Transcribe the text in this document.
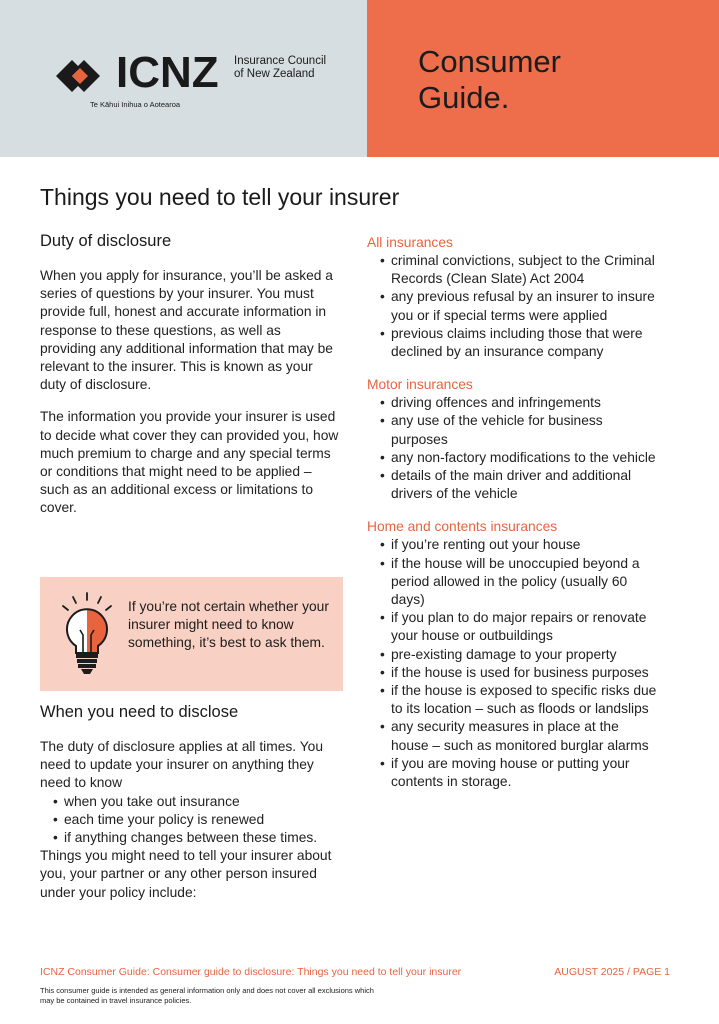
ICNZ Insurance Council of New Zealand
Te Kāhui Inihua o Aotearoa
Consumer
Guide.
Things you need to tell your insurer
Duty of disclosure

When you apply for insurance, you’ll be asked a series of questions by your insurer. You must provide full, honest and accurate information in response to these questions, as well as providing any additional information that may be relevant to the insurer. This is known as your duty of disclosure.

The information you provide your insurer is used to decide what cover they can provided you, how much premium to charge and any special terms or conditions that might need to be applied – such as an additional excess or limitations to cover.

If you’re not certain whether your insurer might need to know something, it’s best to ask them.
When you need to disclose

The duty of disclosure applies at all times. You need to update your insurer on anything they need to know

• when you take out insurance
• each time your policy is renewed
• if anything changes between these times.

Things you might need to tell your insurer about you, your partner or any other person insured under your policy include:

All insurances
• criminal convictions, subject to the Criminal Records (Clean Slate) Act 2004
• any previous refusal by an insurer to insure you or if special terms were applied
• previous claims including those that were declined by an insurance company
Motor insurances
• driving offences and infringements
• any use of the vehicle for business purposes
• any non-factory modifications to the vehicle
• details of the main driver and additional drivers of the vehicle
Home and contents insurances
• if you’re renting out your house
• if the house will be unoccupied beyond a period allowed in the policy (usually 60 days)
• if you plan to do major repairs or renovate your house or outbuildings
• pre-existing damage to your property
• if the house is used for business purposes
• if the house is exposed to specific risks due to its location – such as floods or landslips
• any security measures in place at the house – such as monitored burglar alarms
• if you are moving house or putting your contents in storage.
ICNZ Consumer Guide: Consumer guide to disclosure: Things you need to tell your insurer	AUGUST 2025 / PAGE 1
This consumer guide is intended as general information only and does not cover all exclusions which may be contained in travel insurance policies.
